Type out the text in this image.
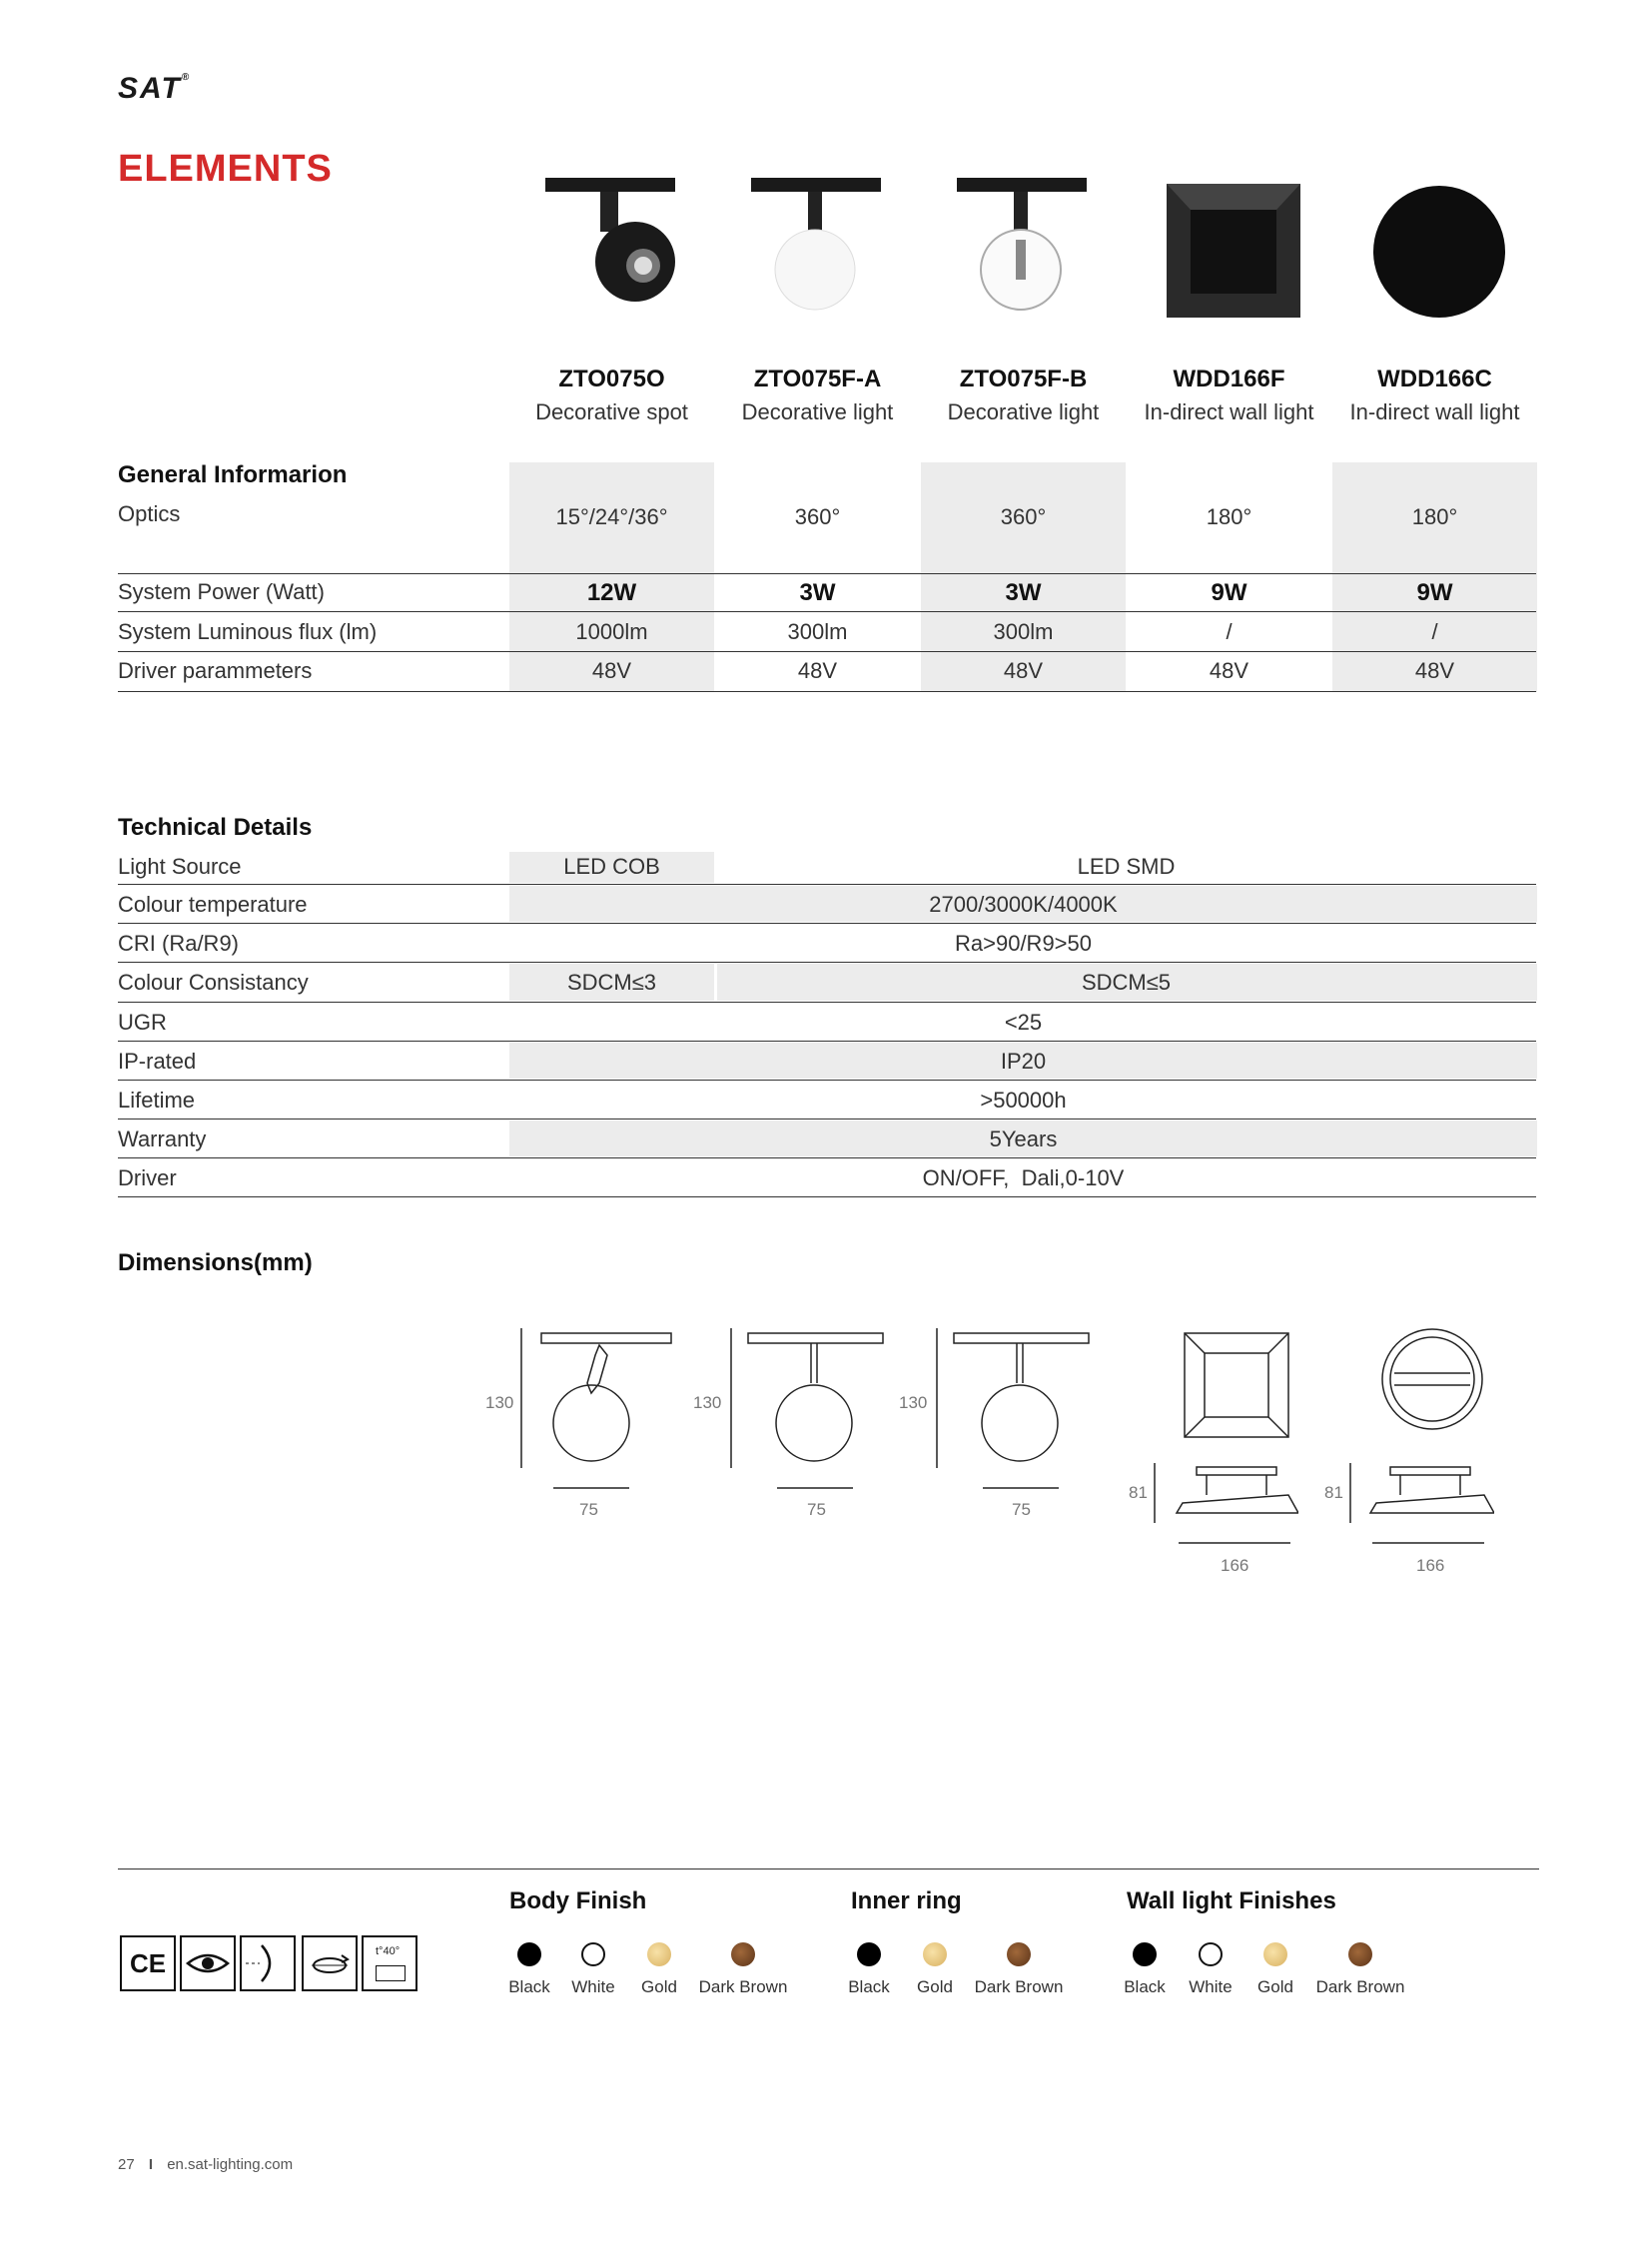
SAT®
ELEMENTS
ZTO075O	ZTO075F-A	ZTO075F-B	WDD166F	WDD166C
Decorative spot	Decorative light	Decorative light	In-direct wall light	In-direct wall light
General Informarion
Optics	15°/24°/36°	360°	360°	180°	180°
System Power (Watt)	12W	3W	3W	9W	9W
System Luminous flux (lm)	1000lm	300lm	300lm	/	/
Driver parammeters	48V	48V	48V	48V	48V
Technical Details
Light Source	LED COB	LED SMD
Colour temperature	2700/3000K/4000K
CRI (Ra/R9)	Ra>90/R9>50
Colour Consistancy	SDCM≤3	SDCM≤5
UGR	<25
IP-rated	IP20
Lifetime	>50000h
Warranty	5Years
Driver	ON/OFF,  Dali,0-10V
Dimensions(mm)
130	130	130
75	75	75
81	81
166	166
CE	t°40°
Body Finish
Black White	Gold	Dark Brown
Inner ring
Black	Gold	Dark Brown
Wall light Finishes
Black White	Gold	Dark Brown
27 I en.sat-lighting.com
